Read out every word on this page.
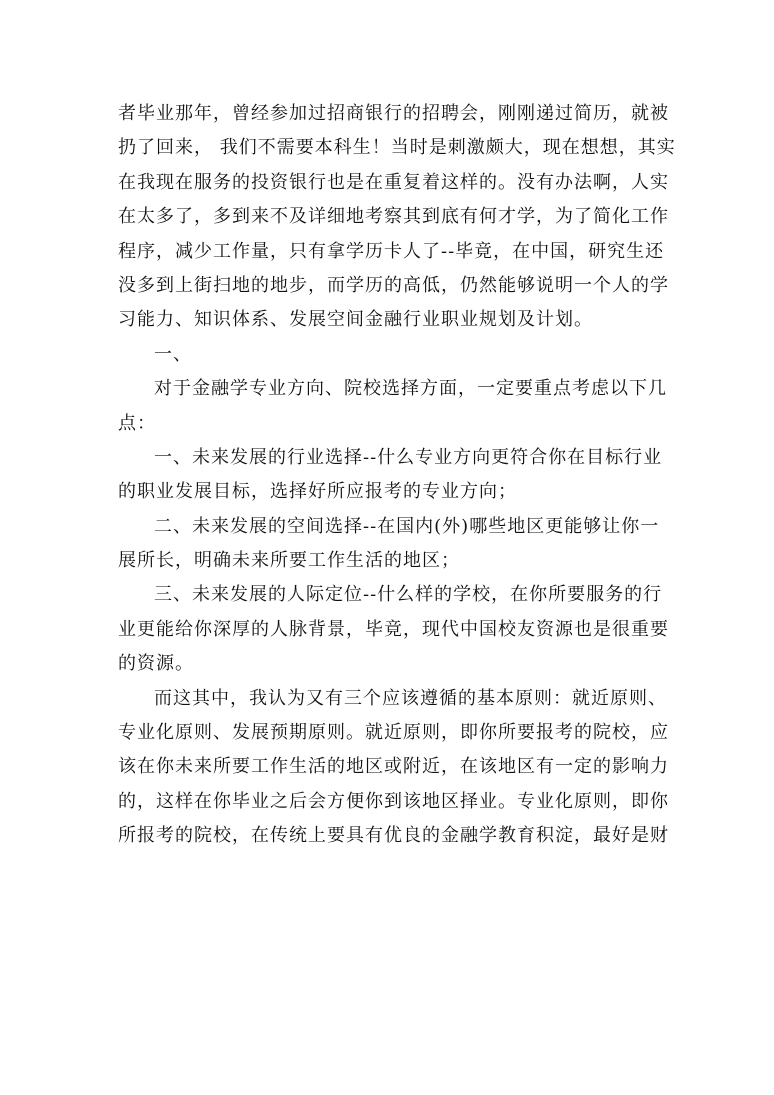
者毕业那年，曾经参加过招商银行的招聘会，刚刚递过简历，就被
扔了回来， 我们不需要本科生！当时是刺激颇大，现在想想，其实
在我现在服务的投资银行也是在重复着这样的。没有办法啊，人实
在太多了，多到来不及详细地考察其到底有何才学，为了简化工作
程序，减少工作量，只有拿学历卡人了--毕竟，在中国，研究生还
没多到上街扫地的地步，而学历的高低，仍然能够说明一个人的学
习能力、知识体系、发展空间金融行业职业规划及计划。
一、
对于金融学专业方向、院校选择方面，一定要重点考虑以下几
点：
一、未来发展的行业选择--什么专业方向更符合你在目标行业
的职业发展目标，选择好所应报考的专业方向；
二、未来发展的空间选择--在国内(外)哪些地区更能够让你一
展所长，明确未来所要工作生活的地区；
三、未来发展的人际定位--什么样的学校，在你所要服务的行
业更能给你深厚的人脉背景，毕竟，现代中国校友资源也是很重要
的资源。
而这其中，我认为又有三个应该遵循的基本原则：就近原则、
专业化原则、发展预期原则。就近原则，即你所要报考的院校，应
该在你未来所要工作生活的地区或附近，在该地区有一定的影响力
的，这样在你毕业之后会方便你到该地区择业。专业化原则，即你
所报考的院校，在传统上要具有优良的金融学教育积淀，最好是财
